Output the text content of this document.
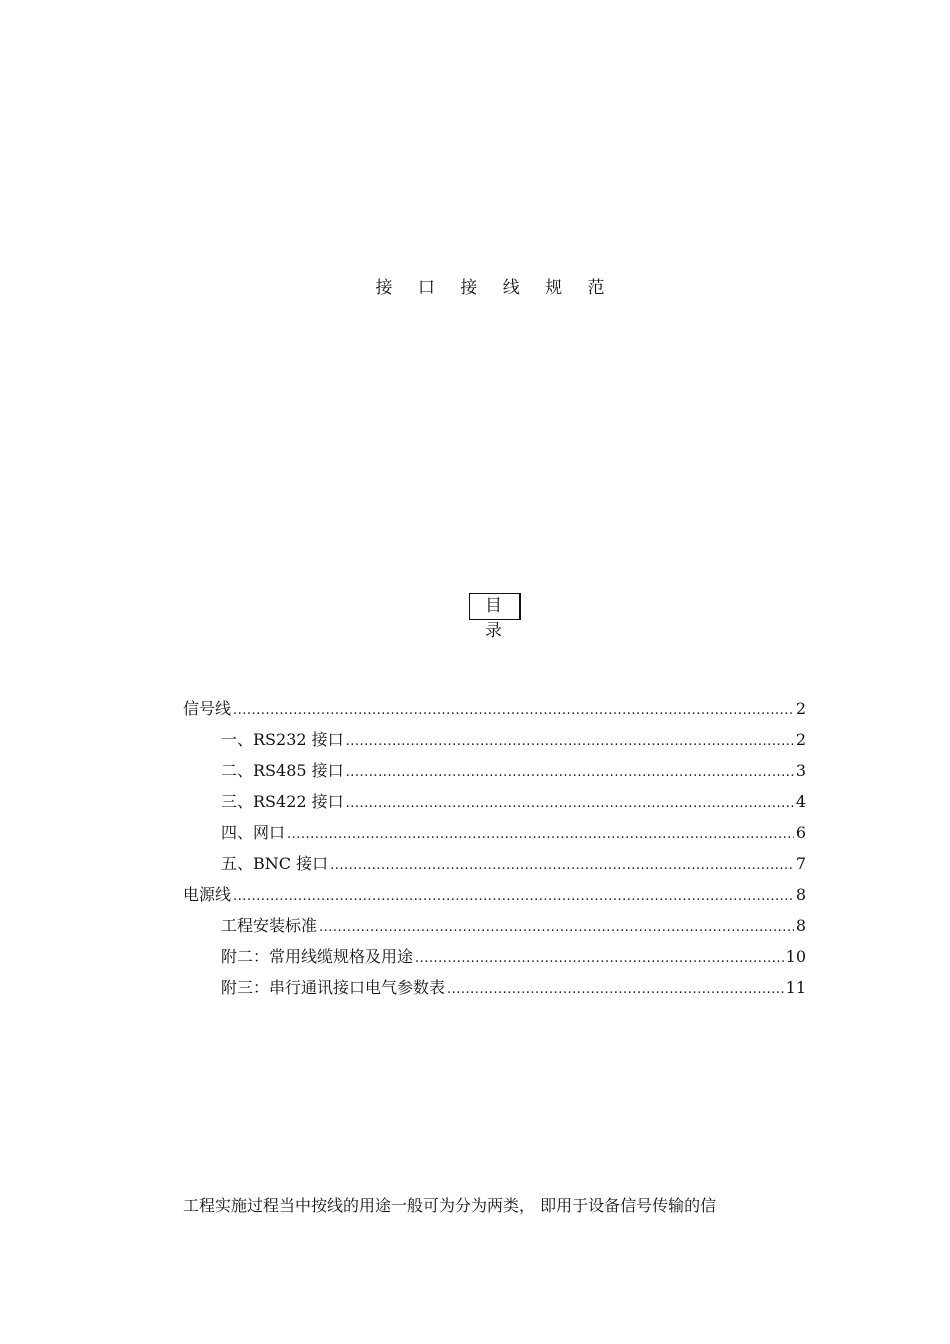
接 口 接 线 规 范
目 录
信号线 .....	2
一、RS232 接口 .....	2
二、RS485 接口 .....	3
三、RS422 接口 .....	4
四、网口 .....	6
五、BNC 接口 .....	7
电源线 .....	8
工程安装标准 .....	8
附二：常用线缆规格及用途 .....	10
附三：串行通讯接口电气参数表 .....	11
工程实施过程当中按线的用途一般可为分为两类， 即用于设备信号传输的信
